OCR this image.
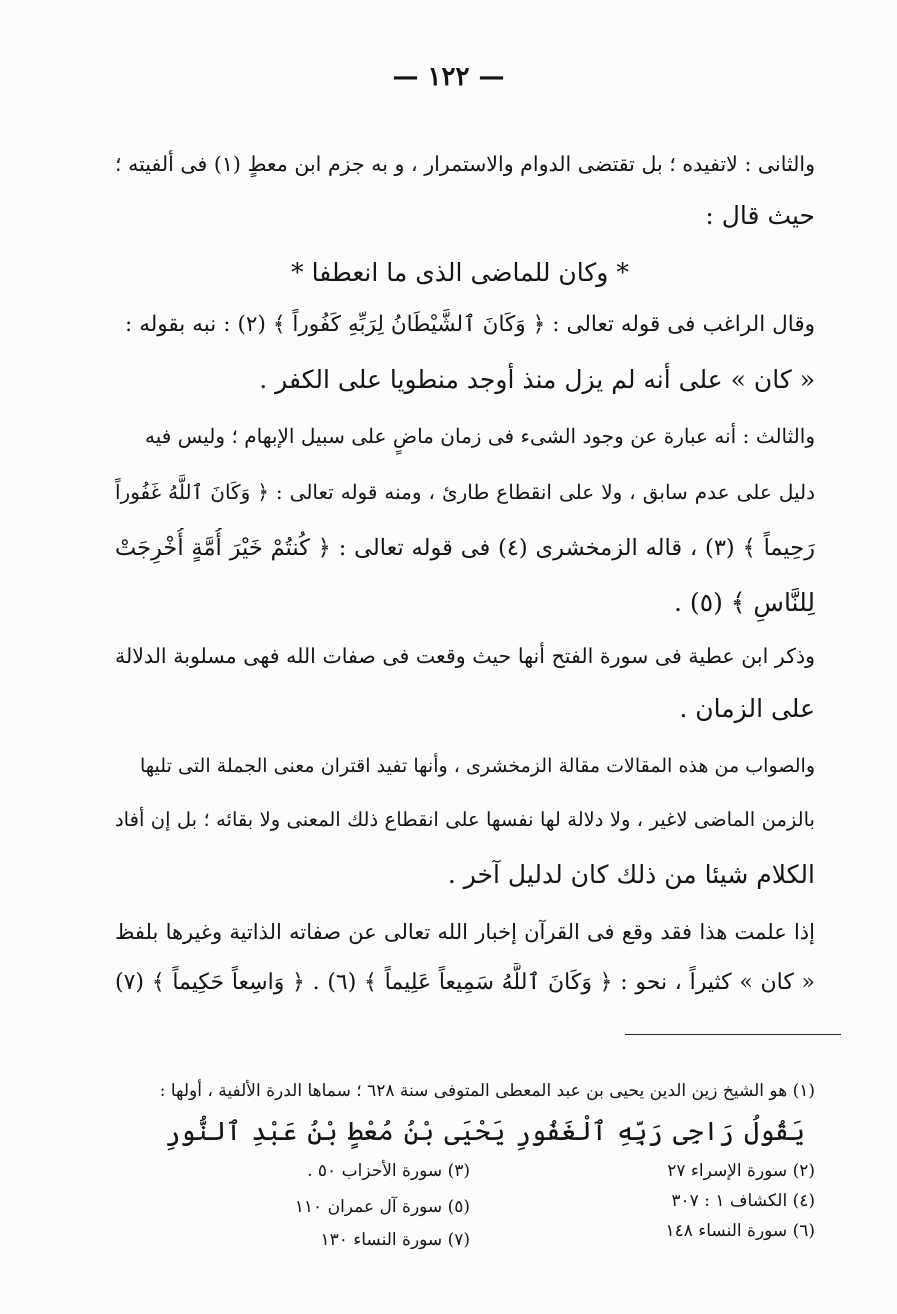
— ١٢٢ —
والثانى : لاتفيده ؛ بل تقتضى الدوام والاستمرار ، و به جزم ابن معطٍ (١) فى ألفيته ؛
حيث قال :
* وكان للماضى الذى ما انعطفا *
وقال الراغب فى قوله تعالى : ﴿ وَكَانَ ٱلشَّيْطَانُ لِرَبِّهِ كَفُوراً ﴾ (٢) : نبه بقوله :
« كان » على أنه لم يزل منذ أوجد منطويا على الكفر .
والثالث : أنه عبارة عن وجود الشىء فى زمان ماضٍ على سبيل الإبهام ؛ وليس فيه
دليل على عدم سابق ، ولا على انقطاع طارئ ، ومنه قوله تعالى : ﴿ وَكَانَ ٱللَّهُ غَفُوراً
رَحِيماً ﴾ (٣) ، قاله الزمخشرى (٤) فى قوله تعالى : ﴿ كُنتُمْ خَيْرَ أُمَّةٍ أُخْرِجَتْ
لِلنَّاسِ ﴾ (٥) .
وذكر ابن عطية فى سورة الفتح أنها حيث وقعت فى صفات الله فهى مسلوبة الدلالة
على الزمان .
والصواب من هذه المقالات مقالة الزمخشرى ، وأنها تفيد اقتران معنى الجملة التى تليها
بالزمن الماضى لاغير ، ولا دلالة لها نفسها على انقطاع ذلك المعنى ولا بقائه ؛ بل إن أفاد
الكلام شيئا من ذلك كان لدليل آخر .
إذا علمت هذا فقد وقع فى القرآن إخبار الله تعالى عن صفاته الذاتية وغيرها بلفظ
« كان » كثيراً ، نحو : ﴿ وَكَانَ ٱللَّهُ سَمِيعاً عَلِيماً ﴾ (٦) . ﴿ وَاسِعاً حَكِيماً ﴾ (٧)
(١) هو الشيخ زين الدين يحيى بن عبد المعطى المتوفى سنة ٦٢٨ ؛ سماها الدرة الألفية ، أولها :
يَقُولُ رَاجِى رَبِّهِ ٱلْغَفُورِ يَحْيَى بْنُ مُعْطٍ بْنُ عَبْدِ ٱلنُّورِ
(٢) سورة الإسراء ٢٧
(٣) سورة الأحزاب ٥٠ .
(٤) الكشاف ١ : ٣٠٧
(٥) سورة آل عمران ١١٠
(٦) سورة النساء ١٤٨
(٧) سورة النساء ١٣٠
